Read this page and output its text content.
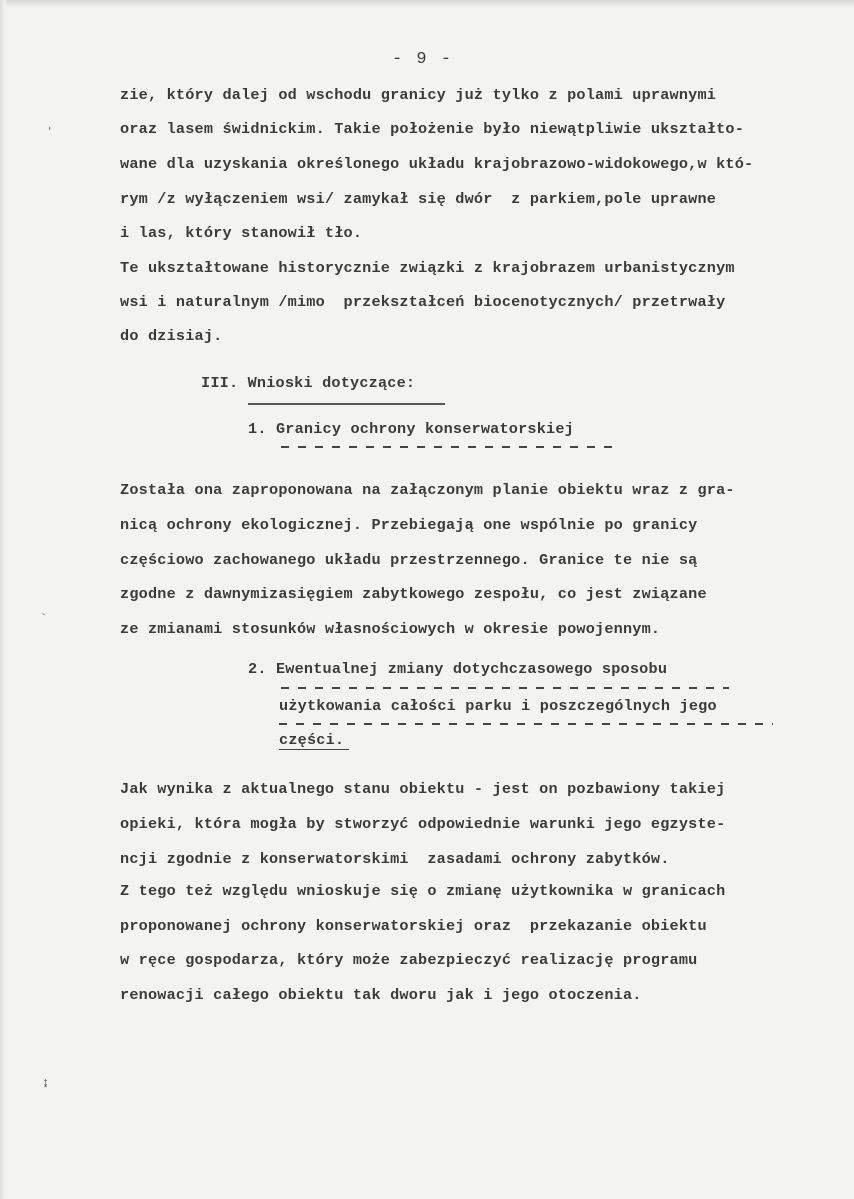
- 9 -
zie, który dalej od wschodu granicy już tylko z polami uprawnymi
oraz lasem świdnickim. Takie położenie było niewątpliwie ukształto-
wane dla uzyskania określonego układu krajobrazowo-widokowego,w któ-
rym /z wyłączeniem wsi/ zamykał się dwór  z parkiem,pole uprawne
i las, który stanowił tło.
Te ukształtowane historycznie związki z krajobrazem urbanistycznym
wsi i naturalnym /mimo  przekształceń biocenotycznych/ przetrwały
do dzisiaj.
III. Wnioski dotyczące:
1. Granicy ochrony konserwatorskiej
Została ona zaproponowana na załączonym planie obiektu wraz z gra-
nicą ochrony ekologicznej. Przebiegają one wspólnie po granicy
częściowo zachowanego układu przestrzennego. Granice te nie są
zgodne z dawnymizasięgiem zabytkowego zespołu, co jest związane
ze zmianami stosunków własnościowych w okresie powojennym.
2. Ewentualnej zmiany dotychczasowego sposobu
użytkowania całości parku i poszczególnych jego
części.
Jak wynika z aktualnego stanu obiektu - jest on pozbawiony takiej
opieki, która mogła by stworzyć odpowiednie warunki jego egzyste-
ncji zgodnie z konserwatorskimi  zasadami ochrony zabytków.
Z tego też względu wnioskuje się o zmianę użytkownika w granicach
proponowanej ochrony konserwatorskiej oraz  przekazanie obiektu
w ręce gospodarza, który może zabezpieczyć realizację programu
renowacji całego obiektu tak dworu jak i jego otoczenia.
ʼ
`
↨
